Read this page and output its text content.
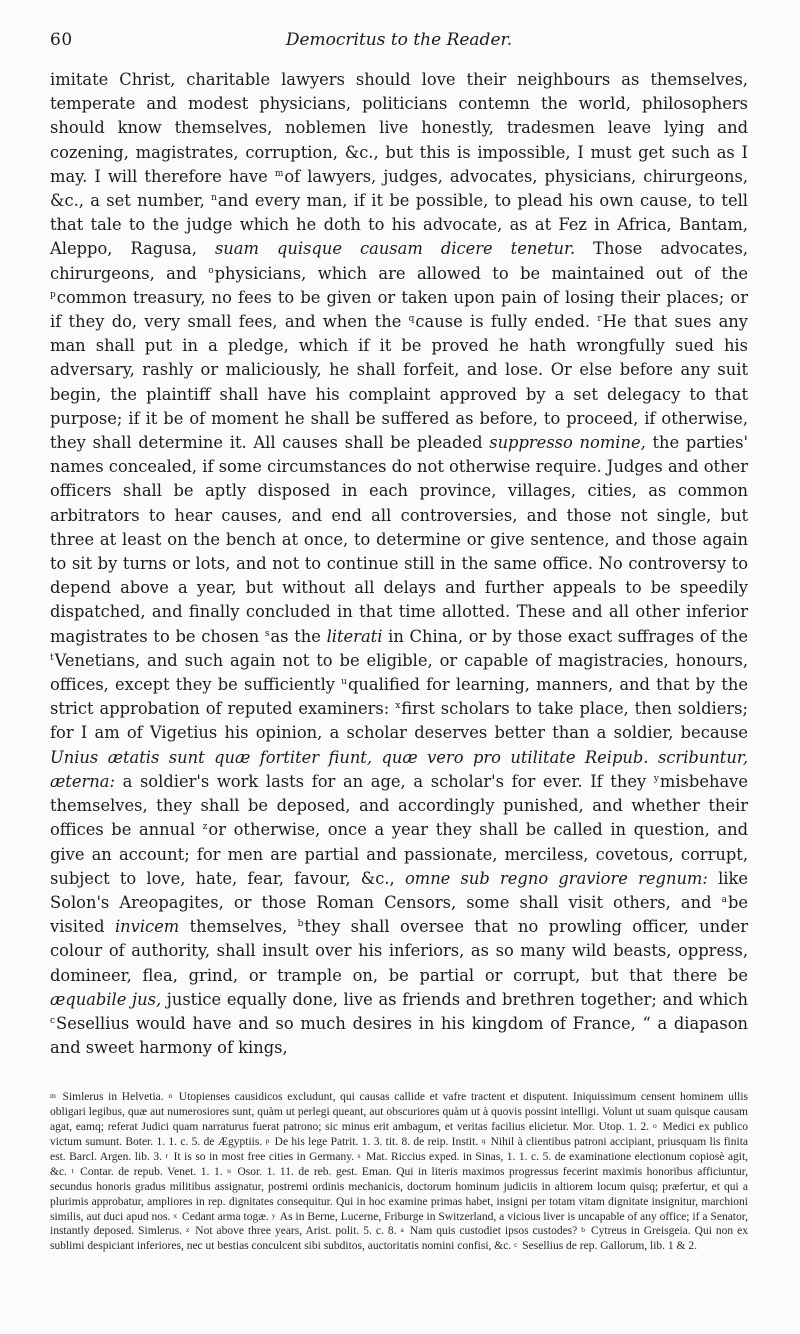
60	Democritus to the Reader.

imitate Christ, charitable lawyers should love their neighbours as themselves, temperate and modest physicians, politicians contemn the world, philosophers should know themselves, noblemen live honestly, tradesmen leave lying and cozening, magistrates, corruption, &c., but this is impossible, I must get such as I may. I will therefore have $^m$of lawyers, judges, advocates, physicians, chirurgeons, &c., a set number, $^n$and every man, if it be possible, to plead his own cause, to tell that tale to the judge which he doth to his advocate, as at Fez in Africa, Bantam, Aleppo, Ragusa, suam quisque causam dicere tenetur. Those advocates, chirurgeons, and $^o$physicians, which are allowed to be maintained out of the $^p$common treasury, no fees to be given or taken upon pain of losing their places; or if they do, very small fees, and when the $^q$cause is fully ended. $^r$He that sues any man shall put in a pledge, which if it be proved he hath wrongfully sued his adversary, rashly or maliciously, he shall forfeit, and lose. Or else before any suit begin, the plaintiff shall have his complaint approved by a set delegacy to that purpose; if it be of moment he shall be suffered as before, to proceed, if otherwise, they shall determine it. All causes shall be pleaded suppresso nomine, the parties' names concealed, if some circumstances do not otherwise require. Judges and other officers shall be aptly disposed in each province, villages, cities, as common arbitrators to hear causes, and end all controversies, and those not single, but three at least on the bench at once, to determine or give sentence, and those again to sit by turns or lots, and not to continue still in the same office. No controversy to depend above a year, but without all delays and further appeals to be speedily dispatched, and finally concluded in that time allotted. These and all other inferior magistrates to be chosen $^s$as the literati in China, or by those exact suffrages of the $^t$Venetians, and such again not to be eligible, or capable of magistracies, honours, offices, except they be sufficiently $^u$qualified for learning, manners, and that by the strict approbation of reputed examiners: $^x$first scholars to take place, then soldiers; for I am of Vigetius his opinion, a scholar deserves better than a soldier, because Unius ætatis sunt quæ fortiter fiunt, quæ vero pro utilitate Reipub. scribuntur, æterna: a soldier's work lasts for an age, a scholar's for ever. If they $^y$misbehave themselves, they shall be deposed, and accordingly punished, and whether their offices be annual $^z$or otherwise, once a year they shall be called in question, and give an account; for men are partial and passionate, merciless, covetous, corrupt, subject to love, hate, fear, favour, &c., omne sub regno graviore regnum: like Solon's Areopagites, or those Roman Censors, some shall visit others, and $^a$be visited invicem themselves, $^b$they shall oversee that no prowling officer, under colour of authority, shall insult over his inferiors, as so many wild beasts, oppress, domineer, flea, grind, or trample on, be partial or corrupt, but that there be æquabile jus, justice equally done, live as friends and brethren together; and which $^c$Sesellius would have and so much desires in his kingdom of France, “ a diapason and sweet harmony of kings,

$^m$ Simlerus in Helvetia. $^n$ Utopienses causidicos excludunt, qui causas callide et vafre tractent et disputent. Iniquissimum censent hominem ullis obligari legibus, quæ aut numerosiores sunt, quàm ut perlegi queant, aut obscuriores quàm ut à quovis possint intelligi. Volunt ut suam quisque causam agat, eamq; referat Judici quam narraturus fuerat patrono; sic minus erit ambagum, et veritas facilius elicietur. Mor. Utop. 1. 2. $^o$ Medici ex publico victum sumunt. Boter. 1. 1. c. 5. de Ægyptiis. $^p$ De his lege Patrit. 1. 3. tit. 8. de reip. Instit. $^q$ Nihil à clientibus patroni accipiant, priusquam lis finita est. Barcl. Argen. lib. 3. $^r$ It is so in most free cities in Germany. $^s$ Mat. Riccius exped. in Sinas, 1. 1. c. 5. de examinatione electionum copiosè agit, &c. $^t$ Contar. de repub. Venet. 1. 1. $^u$ Osor. 1. 11. de reb. gest. Eman. Qui in literis maximos progressus fecerint maximis honoribus afficiuntur, secundus honoris gradus militibus assignatur, postremi ordinis mechanicis, doctorum hominum judiciis in altiorem locum quisq; præfertur, et qui a plurimis approbatur, ampliores in rep. dignitates consequitur. Qui in hoc examine primas habet, insigni per totam vitam dignitate insignitur, marchioni similis, aut duci apud nos. $^x$ Cedant arma togæ. $^y$ As in Berne, Lucerne, Friburge in Switzerland, a vicious liver is uncapable of any office; if a Senator, instantly deposed. Simlerus. $^z$ Not above three years, Arist. polit. 5. c. 8. $^a$ Nam quis custodiet ipsos custodes? $^b$ Cytreus in Greisgeia. Qui non ex sublimi despiciant inferiores, nec ut bestias conculcent sibi subditos, auctoritatis nomini confisi, &c. $^c$ Sesellius de rep. Gallorum, lib. 1 & 2.
